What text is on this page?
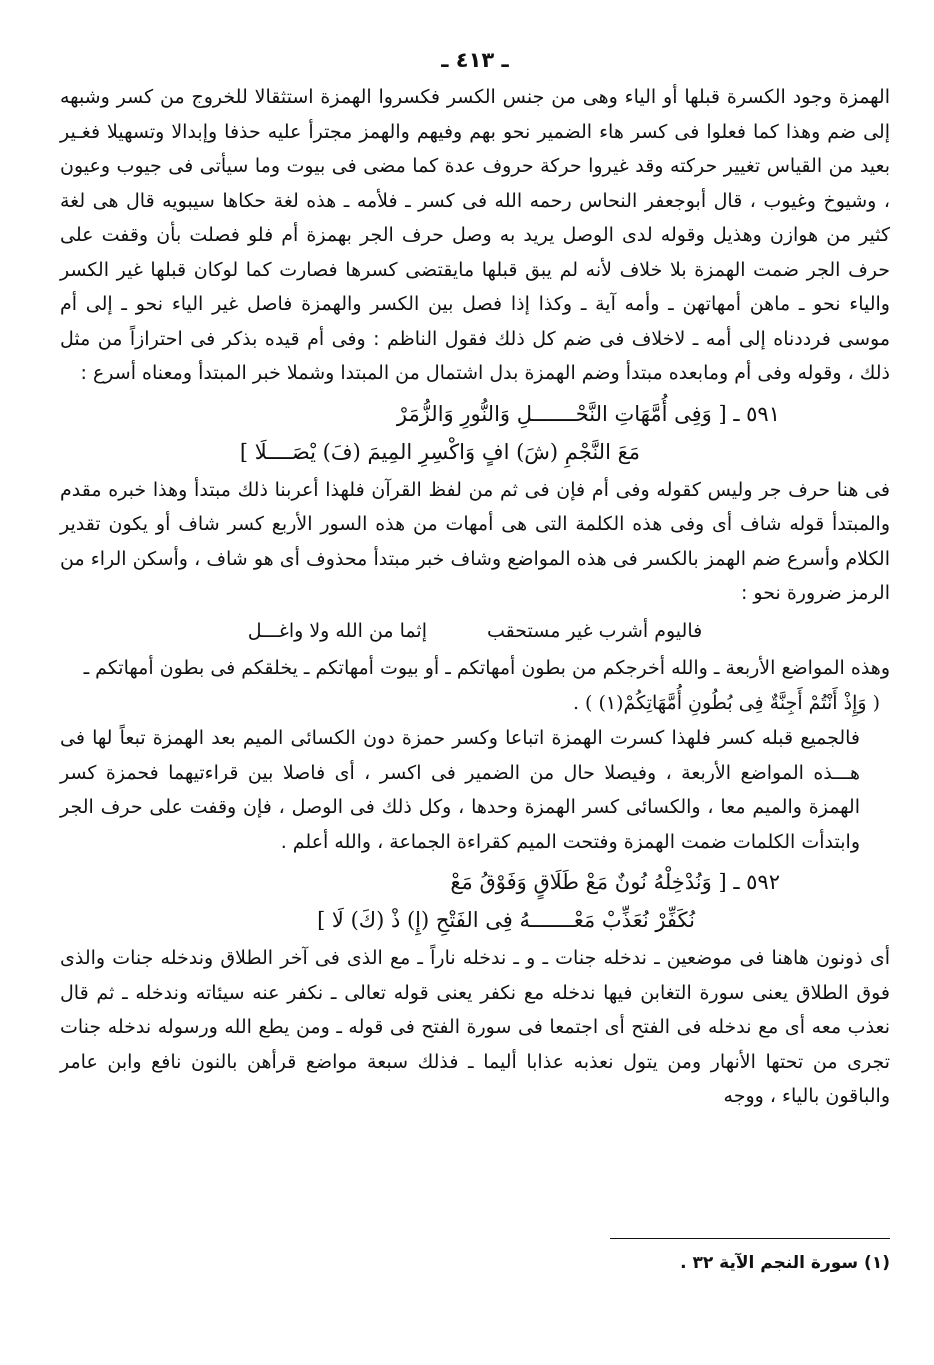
ـ ٤١٣ ـ

الهمزة وجود الكسرة قبلها أو الياء وهى من جنس الكسر فكسروا الهمزة استثقالا للخروج من كسر وشبهه إلى ضم وهذا كما فعلوا فى كسر هاء الضمير نحو بهم وفيهم والهمز مجترأ عليه حذفا وإبدالا وتسهيلا فغـير بعيد من القياس تغيير حركته وقد غيروا حركة حروف عدة كما مضى فى بيوت وما سيأتى فى جيوب وعيون ، وشيوخ وغيوب ، قال أبوجعفر النحاس رحمه الله فى كسر ـ فلأمه ـ هذه لغة حكاها سيبويه قال هى لغة كثير من هوازن وهذيل وقوله لدى الوصل يريد به وصل حرف الجر بهمزة أم فلو فصلت بأن وقفت على حرف الجر ضمت الهمزة بلا خلاف لأنه لم يبق قبلها مايقتضى كسرها فصارت كما لوكان قبلها غير الكسر والياء نحو ـ ماهن أمهاتهن ـ وأمه آية ـ وكذا إذا فصل بين الكسر والهمزة فاصل غير الياء نحو ـ إلى أم موسى فرددناه إلى أمه ـ لاخلاف فى ضم كل ذلك فقول الناظم : وفى أم قيده بذكر فى احترازاً من مثل ذلك ، وقوله وفى أم ومابعده مبتدأ وضم الهمزة بدل اشتمال من المبتدا وشملا خبر المبتدأ ومعناه أسرع :

٥٩١ ـ [ وَفِى أُمَّهَاتِ النَّحْـــــــلِ وَالنُّورِ وَالزُّمَرْ
مَعَ النَّجْمِ (شَ) افٍ وَاكْسِرِ المِيمَ (فَ) يْصَــــلَا ]

فى هنا حرف جر وليس كقوله وفى أم فإن فى ثم من لفظ القرآن فلهذا أعربنا ذلك مبتدأ وهذا خبره مقدم والمبتدأ قوله شاف أى وفى هذه الكلمة التى هى أمهات من هذه السور الأربع كسر شاف أو يكون تقدير الكلام وأسرع ضم الهمز بالكسر فى هذه المواضع وشاف خبر مبتدأ محذوف أى هو شاف ، وأسكن الراء من الرمز ضرورة نحو :

فاليوم أشرب غير مستحقب
إثما من الله ولا واغـــل

وهذه المواضع الأربعة ـ والله أخرجكم من بطون أمهاتكم ـ أو بيوت أمهاتكم ـ يخلقكم فى بطون أمهاتكم ـ

( وَإِذْ أَنْتُمْ أَجِنَّةٌ فِى بُطُونِ أُمَّهَاتِكُمْ(١) ) .

فالجميع قبله كسر فلهذا كسرت الهمزة اتباعا وكسر حمزة دون الكسائى الميم بعد الهمزة تبعاً لها فى هـــذه المواضع الأربعة ، وفيصلا حال من الضمير فى اكسر ، أى فاصلا بين قراءتيهما فحمزة كسر الهمزة والميم معا ، والكسائى كسر الهمزة وحدها ، وكل ذلك فى الوصل ، فإن وقفت على حرف الجر وابتدأت الكلمات ضمت الهمزة وفتحت الميم كقراءة الجماعة ، والله أعلم .

٥٩٢ ـ [ وَنُدْخِلْهُ نُونٌ مَعْ طَلَاقٍ وَفَوْقُ مَعْ
نُكَفِّرْ نُعَذِّبْ مَعْـــــــهُ فِى الفَتْحِ (إِ) ذْ (كَ) لَا ]

أى ذونون هاهنا فى موضعين ـ ندخله جنات ـ و ـ ندخله ناراً ـ مع الذى فى آخر الطلاق وندخله جنات والذى فوق الطلاق يعنى سورة التغابن فيها ندخله مع نكفر يعنى قوله تعالى ـ نكفر عنه سيئاته وندخله ـ ثم قال نعذب معه أى مع ندخله فى الفتح أى اجتمعا فى سورة الفتح فى قوله ـ ومن يطع الله ورسوله ندخله جنات تجرى من تحتها الأنهار ومن يتول نعذبه عذابا أليما ـ فذلك سبعة مواضع قرأهن بالنون نافع وابن عامر والباقون بالياء ، ووجه

(١) سورة النجم الآية ٣٢ .
